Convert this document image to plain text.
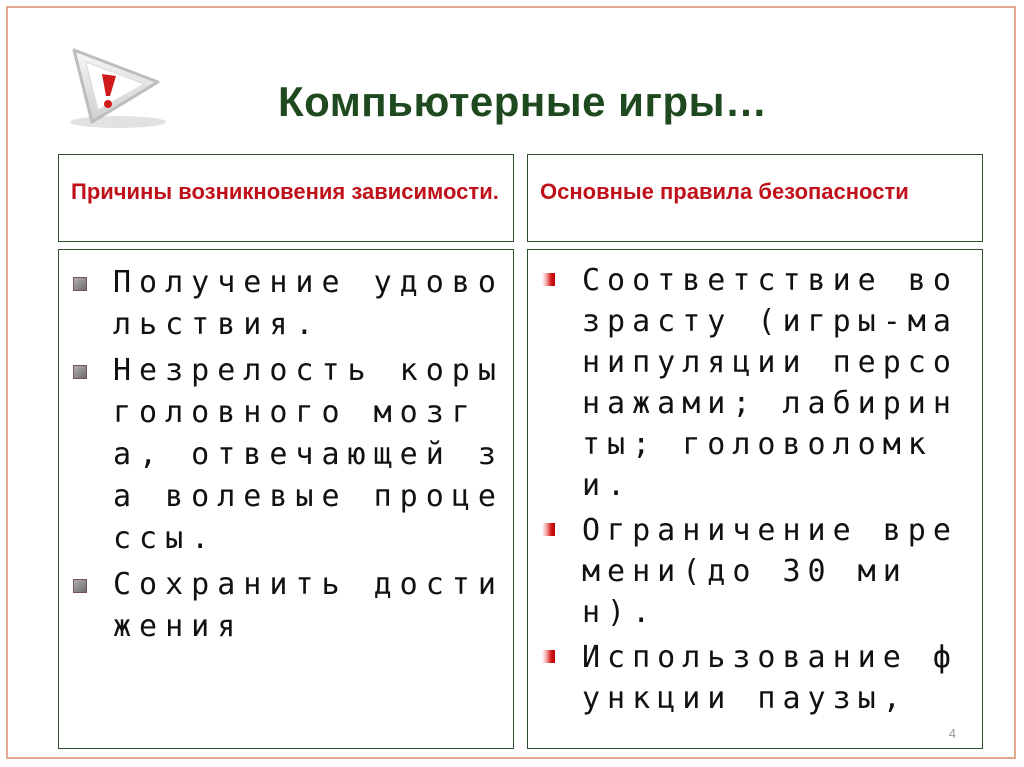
Компьютерные игры…
Причины возникновения зависимости. Основные правила безопасности
Получение удовольствия.
Незрелость коры головного мозга, отвечающей за волевые процессы.
Сохранить достижения
Соответствие возрасту (игры-манипуляции персонажами; лабиринты; головоломки.
Ограничение времени(до 30 мин).
Использование функции паузы,
4
